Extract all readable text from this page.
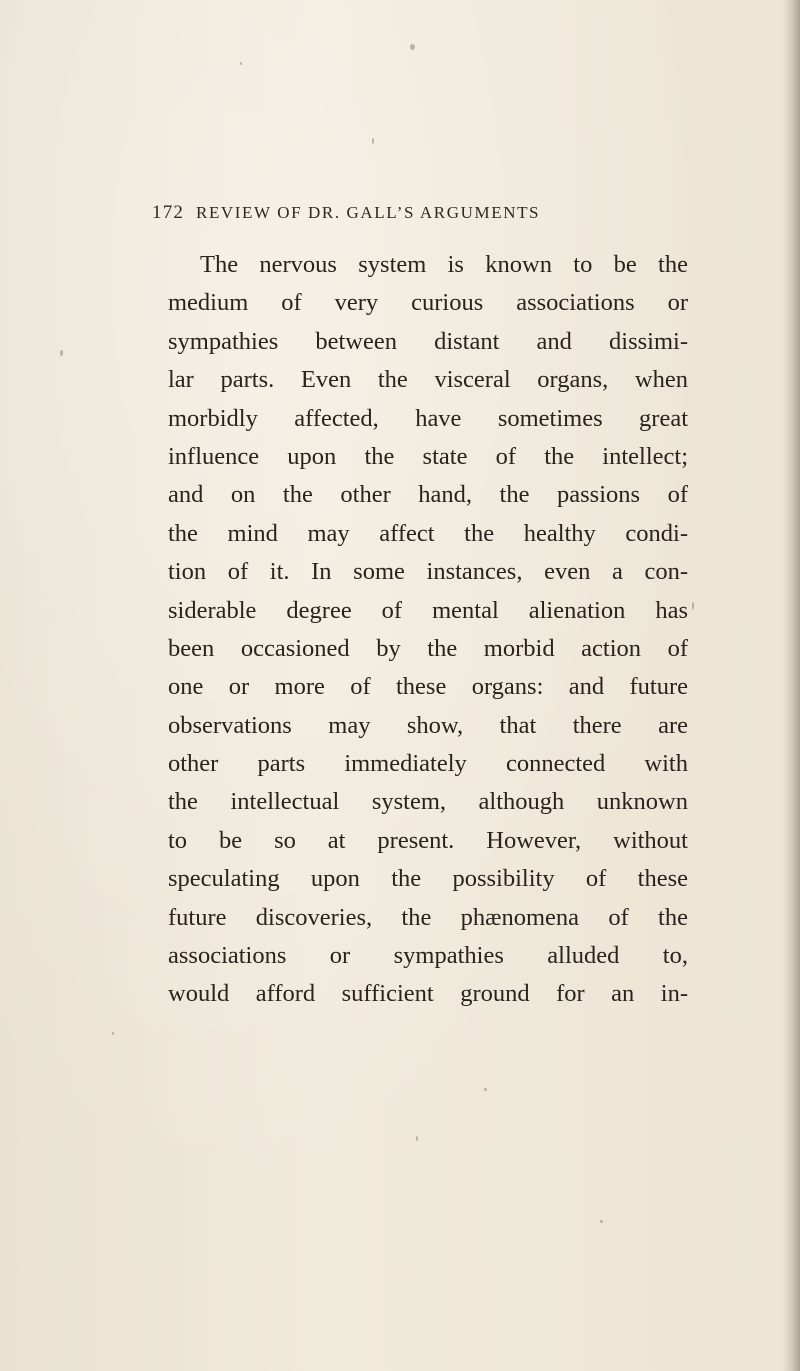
172 REVIEW OF DR. GALL’S ARGUMENTS
The nervous system is known to be the
medium of very curious associations or
sympathies between distant and dissimi-
lar parts. Even the visceral organs, when
morbidly affected, have sometimes great
influence upon the state of the intellect;
and on the other hand, the passions of
the mind may affect the healthy condi-
tion of it. In some instances, even a con-
siderable degree of mental alienation has
been occasioned by the morbid action of
one or more of these organs: and future
observations may show, that there are
other parts immediately connected with
the intellectual system, although unknown
to be so at present. However, without
speculating upon the possibility of these
future discoveries, the phænomena of the
associations or sympathies alluded to,
would afford sufficient ground for an in-
